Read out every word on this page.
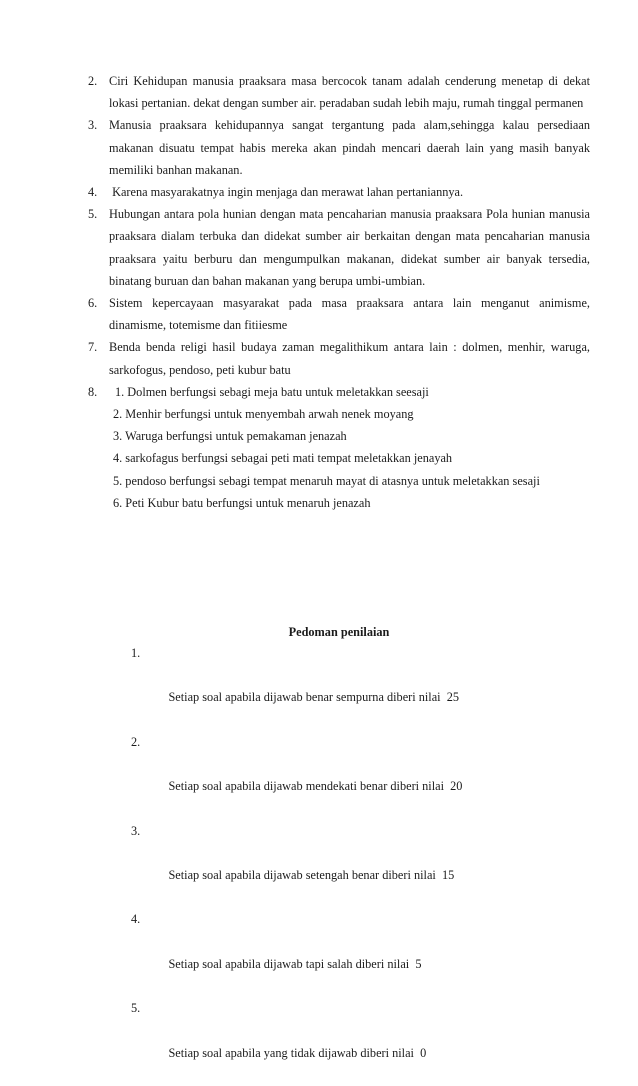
2. Ciri Kehidupan manusia praaksara masa bercocok tanam adalah cenderung menetap di dekat lokasi pertanian. dekat dengan sumber air. peradaban sudah lebih maju, rumah tinggal permanen
3. Manusia praaksara kehidupannya sangat tergantung pada alam,sehingga kalau persediaan makanan disuatu tempat habis mereka akan pindah mencari daerah lain yang masih banyak memiliki banhan makanan.
4. Karena masyarakatnya ingin menjaga dan merawat lahan pertaniannya.
5. Hubungan antara pola hunian dengan mata pencaharian manusia praaksara Pola hunian manusia praaksara dialam terbuka dan didekat sumber air berkaitan dengan mata pencaharian manusia praaksara yaitu berburu dan mengumpulkan makanan, didekat sumber air banyak tersedia, binatang buruan dan bahan makanan yang berupa umbi-umbian.
6. Sistem kepercayaan masyarakat pada masa praaksara antara lain menganut animisme, dinamisme, totemisme dan fitiiesme
7. Benda benda religi hasil budaya zaman megalithikum antara lain : dolmen, menhir, waruga, sarkofogus, pendoso, peti kubur batu
8.	1. Dolmen berfungsi sebagi meja batu untuk meletakkan seesaji
2. Menhir berfungsi untuk menyembah arwah nenek moyang
3. Waruga berfungsi untuk pemakaman jenazah
4. sarkofagus berfungsi sebagai peti mati tempat meletakkan jenayah
5. pendoso berfungsi sebagi tempat menaruh mayat di atasnya untuk meletakkan sesaji
6. Peti Kubur batu berfungsi untuk menaruh jenazah
Pedoman penilaian

1.

Setiap soal apabila dijawab benar sempurna diberi nilai  25

2.

Setiap soal apabila dijawab mendekati benar diberi nilai  20

3.

Setiap soal apabila dijawab setengah benar diberi nilai  15

4.

Setiap soal apabila dijawab tapi salah diberi nilai  5

5.

Setiap soal apabila yang tidak dijawab diberi nilai  0
